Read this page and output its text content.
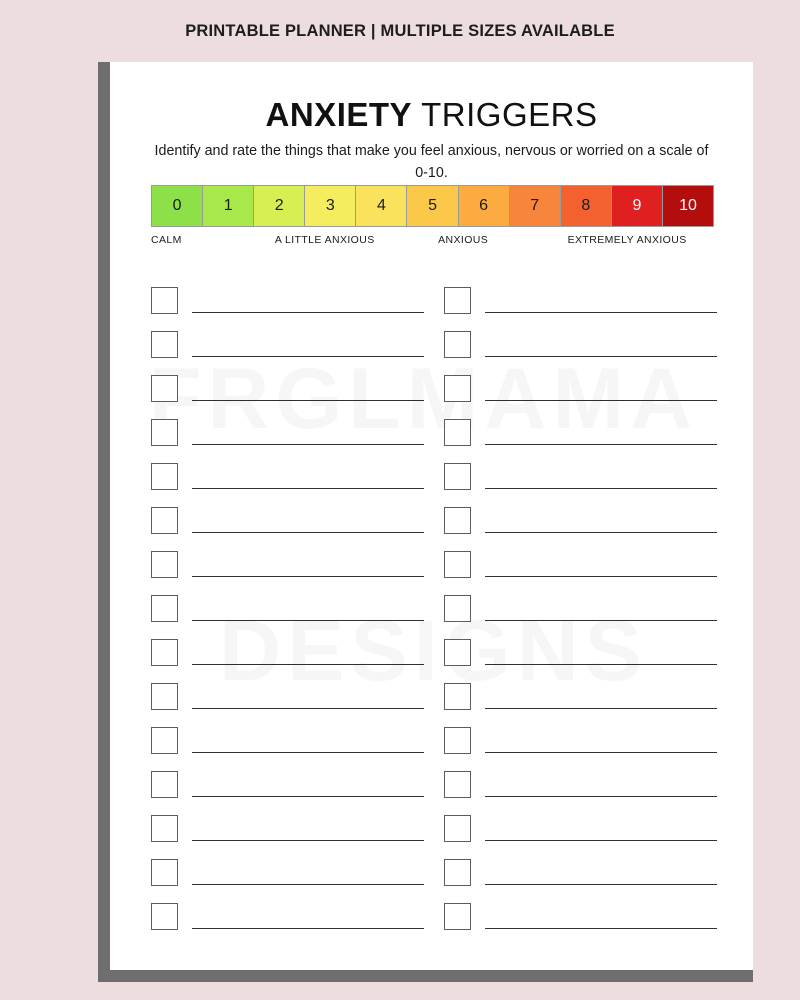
PRINTABLE PLANNER | MULTIPLE SIZES AVAILABLE
ANXIETY TRIGGERS
Identify and rate the things that make you feel anxious, nervous or worried on a scale of 0-10.
0	1	2	3	4	5	6	7	8	9	10
CALM	A LITTLE ANXIOUS	ANXIOUS	EXTREMELY ANXIOUS
